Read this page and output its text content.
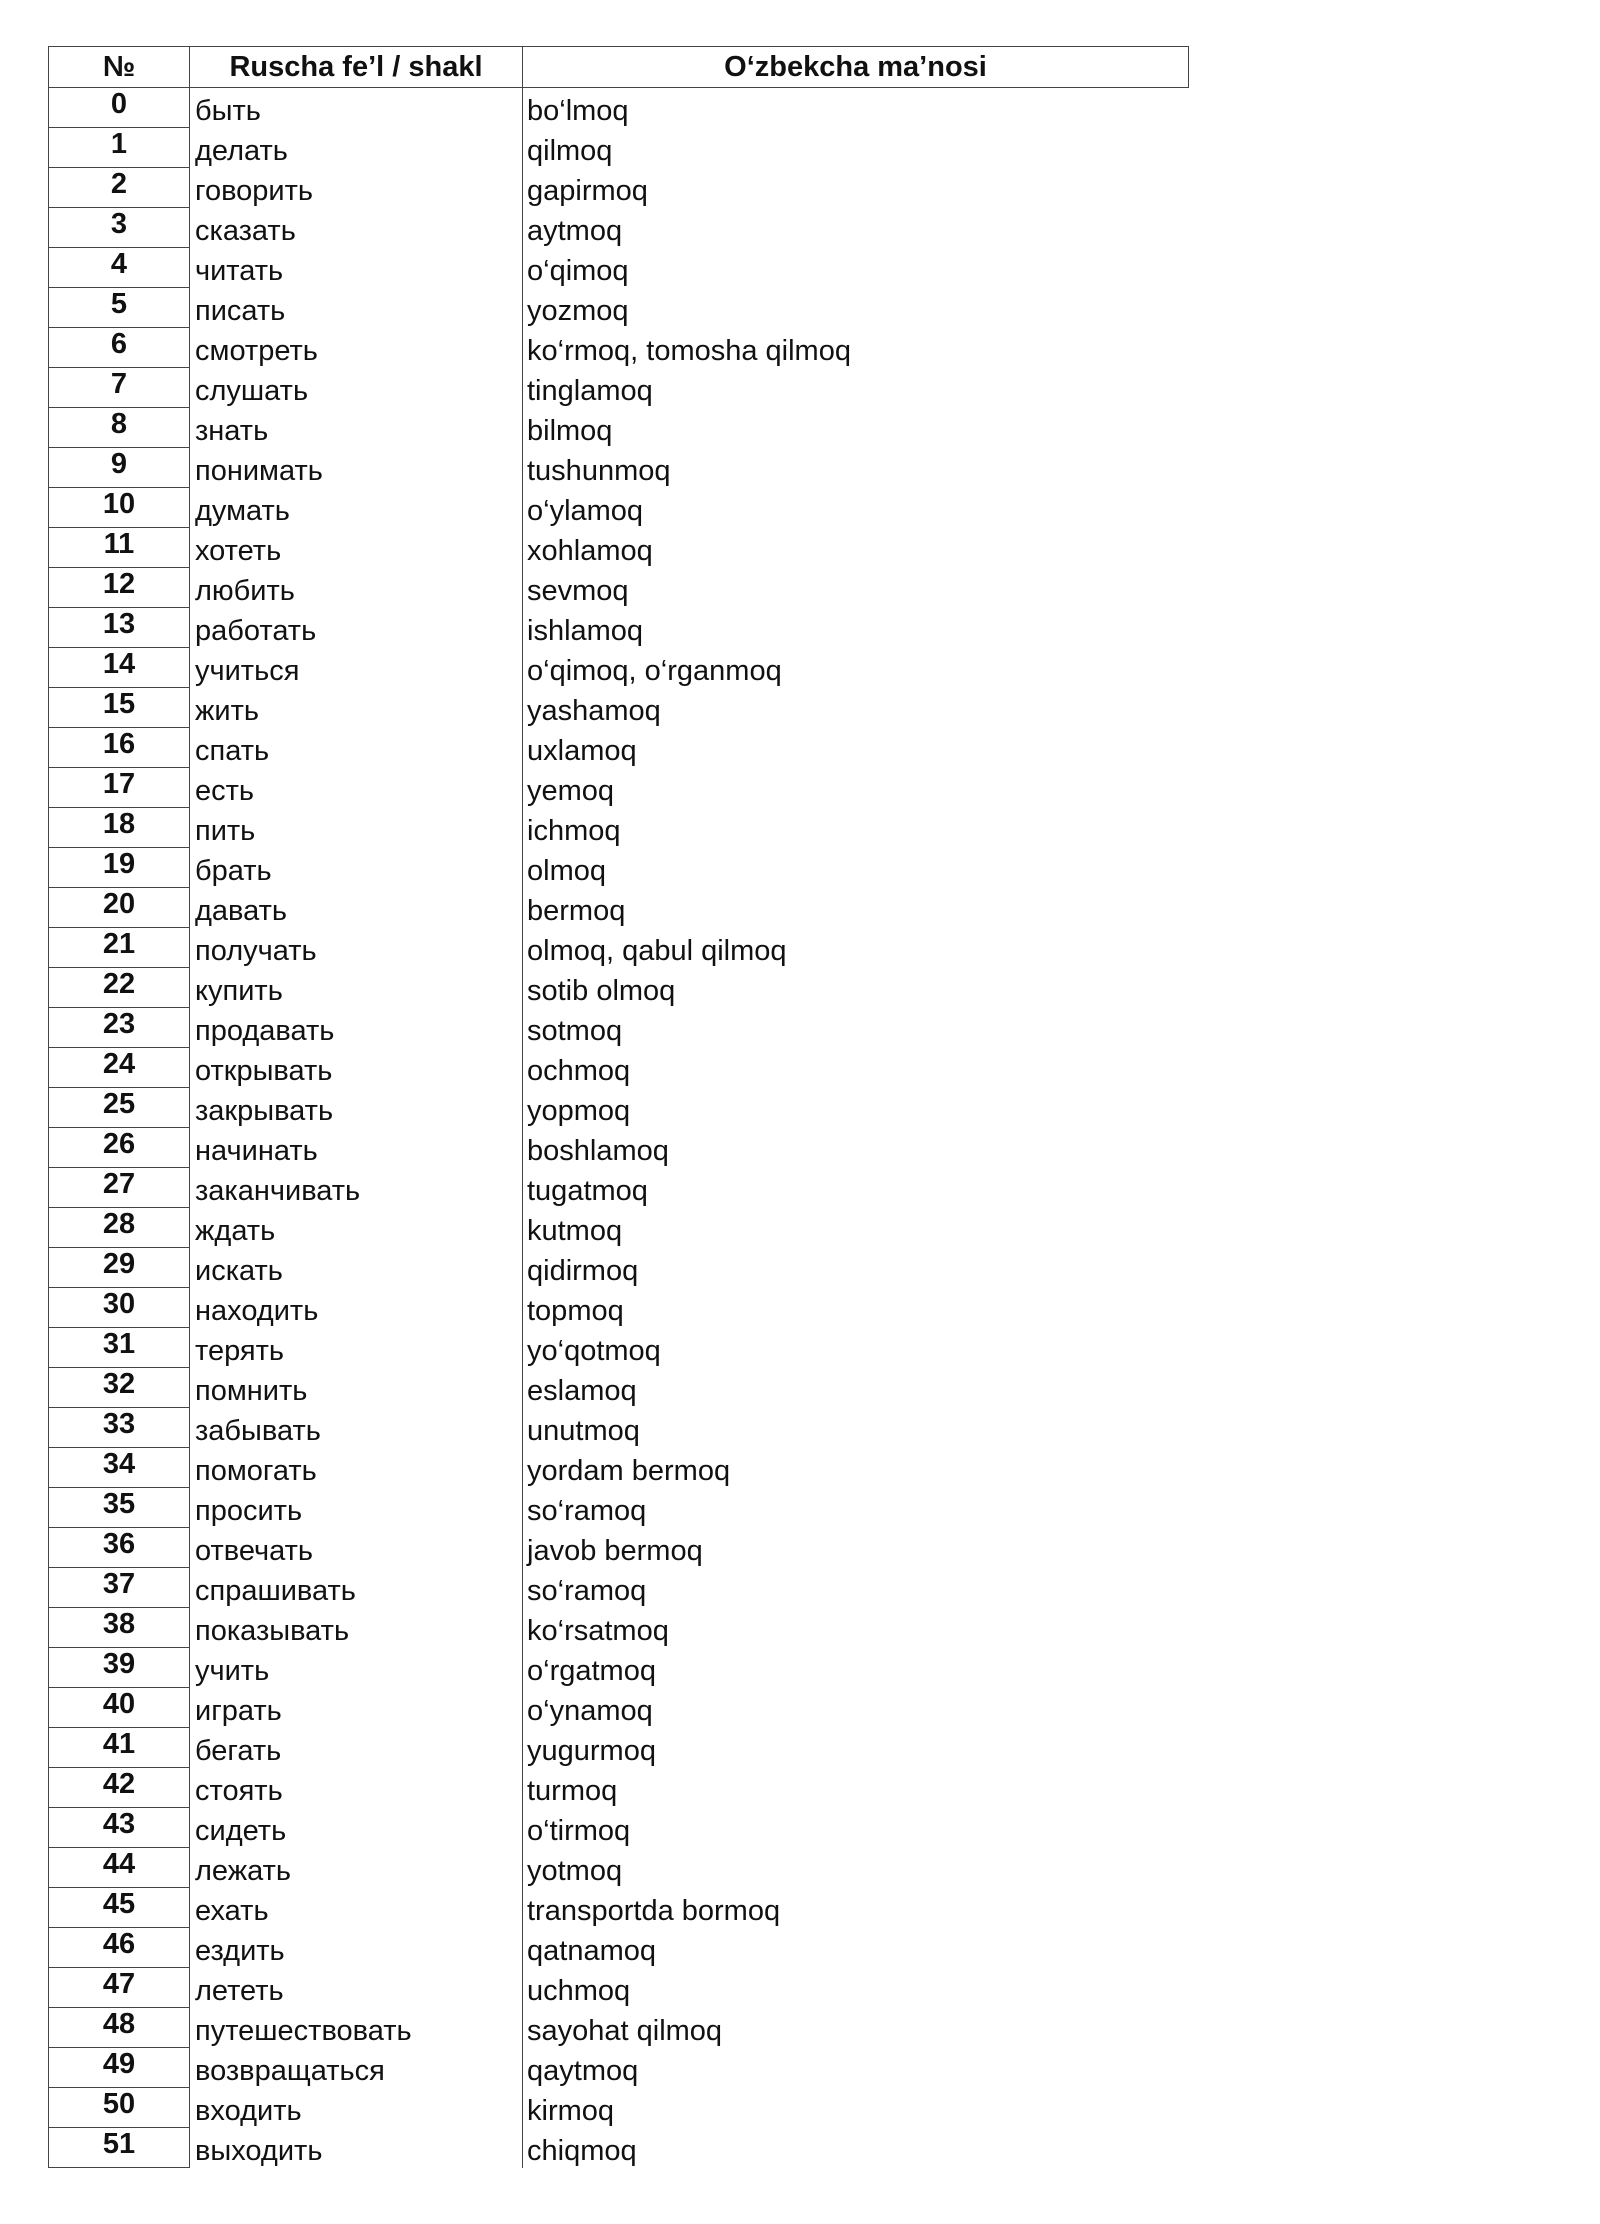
№	Ruscha fe’l / shakl	O‘zbekcha ma’nosi
0	быть	bo‘lmoq
1	делать	qilmoq
2	говорить	gapirmoq
3	сказать	aytmoq
4	читать	o‘qimoq
5	писать	yozmoq
6	смотреть	ko‘rmoq, tomosha qilmoq
7	слушать	tinglamoq
8	знать	bilmoq
9	понимать	tushunmoq
10	думать	o‘ylamoq
11	хотеть	xohlamoq
12	любить	sevmoq
13	работать	ishlamoq
14	учиться	o‘qimoq, o‘rganmoq
15	жить	yashamoq
16	спать	uxlamoq
17	есть	yemoq
18	пить	ichmoq
19	брать	olmoq
20	давать	bermoq
21	получать	olmoq, qabul qilmoq
22	купить	sotib olmoq
23	продавать	sotmoq
24	открывать	ochmoq
25	закрывать	yopmoq
26	начинать	boshlamoq
27	заканчивать	tugatmoq
28	ждать	kutmoq
29	искать	qidirmoq
30	находить	topmoq
31	терять	yo‘qotmoq
32	помнить	eslamoq
33	забывать	unutmoq
34	помогать	yordam bermoq
35	просить	so‘ramoq
36	отвечать	javob bermoq
37	спрашивать	so‘ramoq
38	показывать	ko‘rsatmoq
39	учить	o‘rgatmoq
40	играть	o‘ynamoq
41	бегать	yugurmoq
42	стоять	turmoq
43	сидеть	o‘tirmoq
44	лежать	yotmoq
45	ехать	transportda bormoq
46	ездить	qatnamoq
47	лететь	uchmoq
48	путешествовать	sayohat qilmoq
49	возвращаться	qaytmoq
50	входить	kirmoq
51	выходить	chiqmoq
